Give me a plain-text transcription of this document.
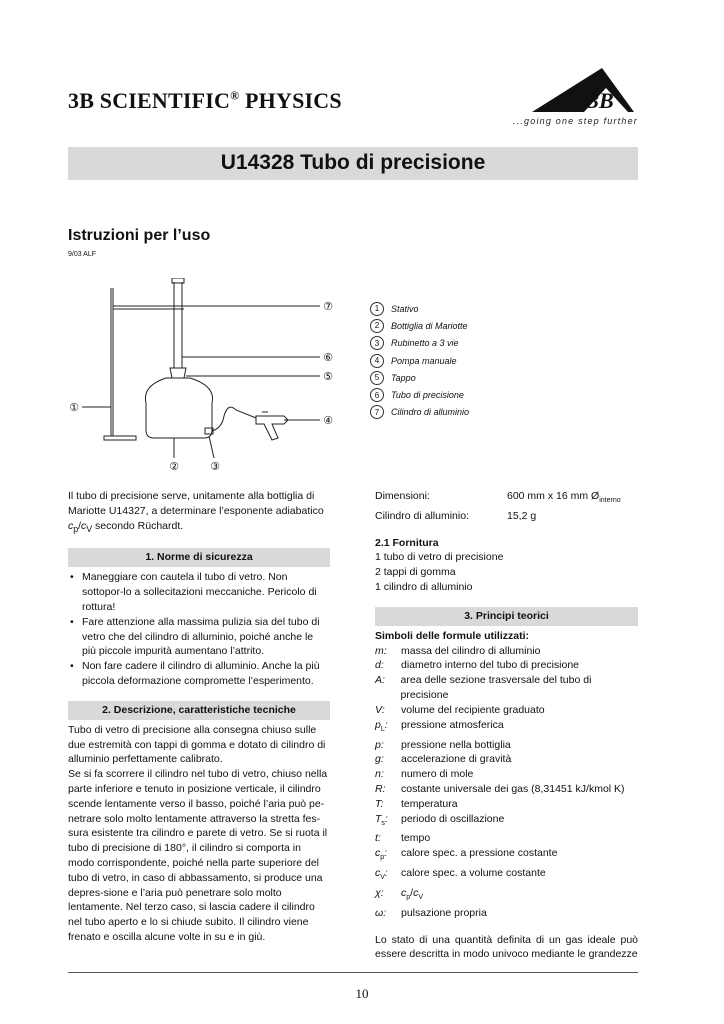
3B SCIENTIFIC® PHYSICS	3B
...going one step further
U14328 Tubo di precisione
Istruzioni per l’uso
9/03 ALF
①
②	③
④
⑤
⑥
⑦	1	Stativo
2	Bottiglia di Mariotte
3	Rubinetto a 3 vie
4	Pompa manuale
5	Tappo
6	Tubo di precisione
7	Cilindro di alluminio

Il tubo di precisione serve, unitamente alla bottiglia di Mariotte U14327, a determinare l’esponente adiabatico $c_p/c_V$ secondo Rüchardt.

1. Norme di sicurezza
• Maneggiare con cautela il tubo di vetro. Non sottopor-lo a sollecitazioni meccaniche. Pericolo di rottura!
• Fare attenzione alla massima pulizia sia del tubo di vetro che del cilindro di alluminio, poiché anche le più piccole impurità aumentano l’attrito.
• Non fare cadere il cilindro di alluminio. Anche la più piccola deformazione compromette l’esperimento.
2. Descrizione, caratteristiche tecniche

Tubo di vetro di precisione alla consegna chiuso sulle due estremità con tappi di gomma e dotato di cilindro di alluminio perfettamente calibrato.

Se si fa scorrere il cilindro nel tubo di vetro, chiuso nella parte inferiore e tenuto in posizione verticale, il cilindro scende lentamente verso il basso, poiché l’aria può pe-netrare solo molto lentamente attraverso la stretta fes-sura esistente tra cilindro e parete di vetro. Se si ruota il tubo di precisione di 180°, il cilindro si comporta in modo corrispondente, poiché nella parte superiore del tubo di vetro, in caso di abbassamento, si produce una depres-sione e l’aria può penetrare solo molto lentamente. Nel terzo caso, si lascia cadere il cilindro nel tubo aperto e lo si chiude subito. Il cilindro viene frenato e oscilla alcune volte in su e in giù.

Dimensioni:	600 mm x 16 mm $Ø_{interno}$
Cilindro di alluminio:	15,2 g
2.1 Fornitura
1 tubo di vetro di precisione
2 tappi di gomma
1 cilindro di alluminio
3. Principi teorici
Simboli delle formule utilizzati:
m:	massa del cilindro di alluminio
d:	diametro interno del tubo di precisione
A:	area delle sezione trasversale del tubo di precisione
V:	volume del recipiente graduato
$p_L$:	pressione atmosferica
p:	pressione nella bottiglia
g:	accelerazione di gravità
n:	numero di mole
R:	costante universale dei gas (8,31451 kJ/kmol K)
T:	temperatura
$T_s$:	periodo di oscillazione
t:	tempo
$c_p$:	calore spec. a pressione costante
$c_V$:	calore spec. a volume costante
χ:	$c_p/c_V$
ω:	pulsazione propria

Lo stato di una quantità definita di un gas ideale può essere descritta in modo univoco mediante le grandezze

10
